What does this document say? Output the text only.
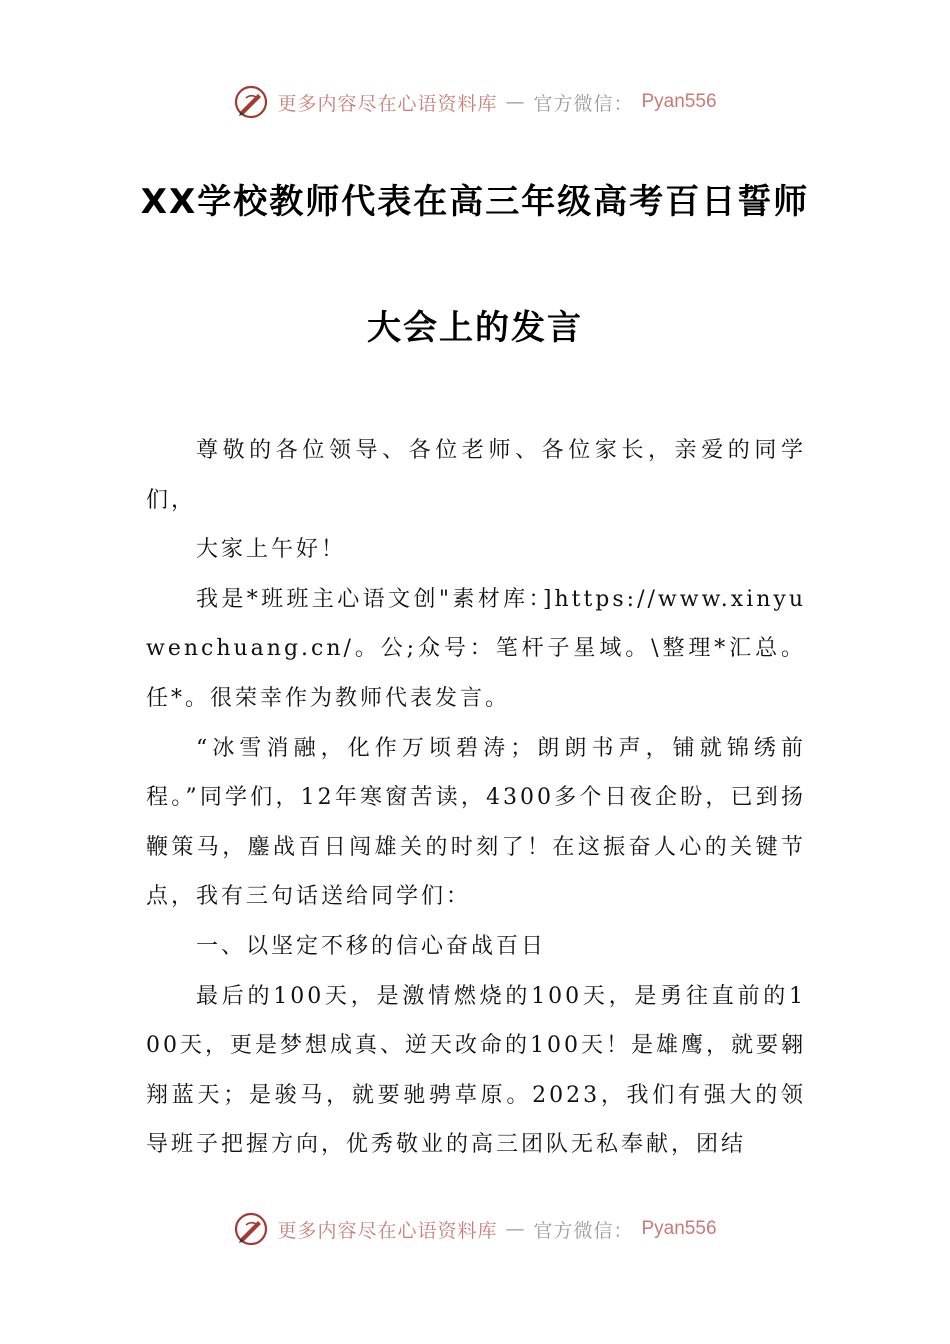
更多内容尽在心语资料库 — 官方微信： Pyan556
XX学校教师代表在高三年级高考百日誓师
大会上的发言

尊敬的各位领导、各位老师、各位家长，亲爱的同学们，

大家上午好！

我是*班班主心语文创"素材库：]https://www.xinyuwenchuang.cn/。公;众号：笔杆子星域。\整理*汇总。任*。很荣幸作为教师代表发言。

“冰雪消融，化作万顷碧涛；朗朗书声，铺就锦绣前程。”同学们，12年寒窗苦读，4300多个日夜企盼，已到扬鞭策马，鏖战百日闯雄关的时刻了！在这振奋人心的关键节点，我有三句话送给同学们：

一、以坚定不移的信心奋战百日

最后的100天，是激情燃烧的100天，是勇往直前的100天，更是梦想成真、逆天改命的100天！是雄鹰，就要翱翔蓝天；是骏马，就要驰骋草原。2023，我们有强大的领导班子把握方向，优秀敬业的高三团队无私奉献，团结

更多内容尽在心语资料库 — 官方微信： Pyan556
